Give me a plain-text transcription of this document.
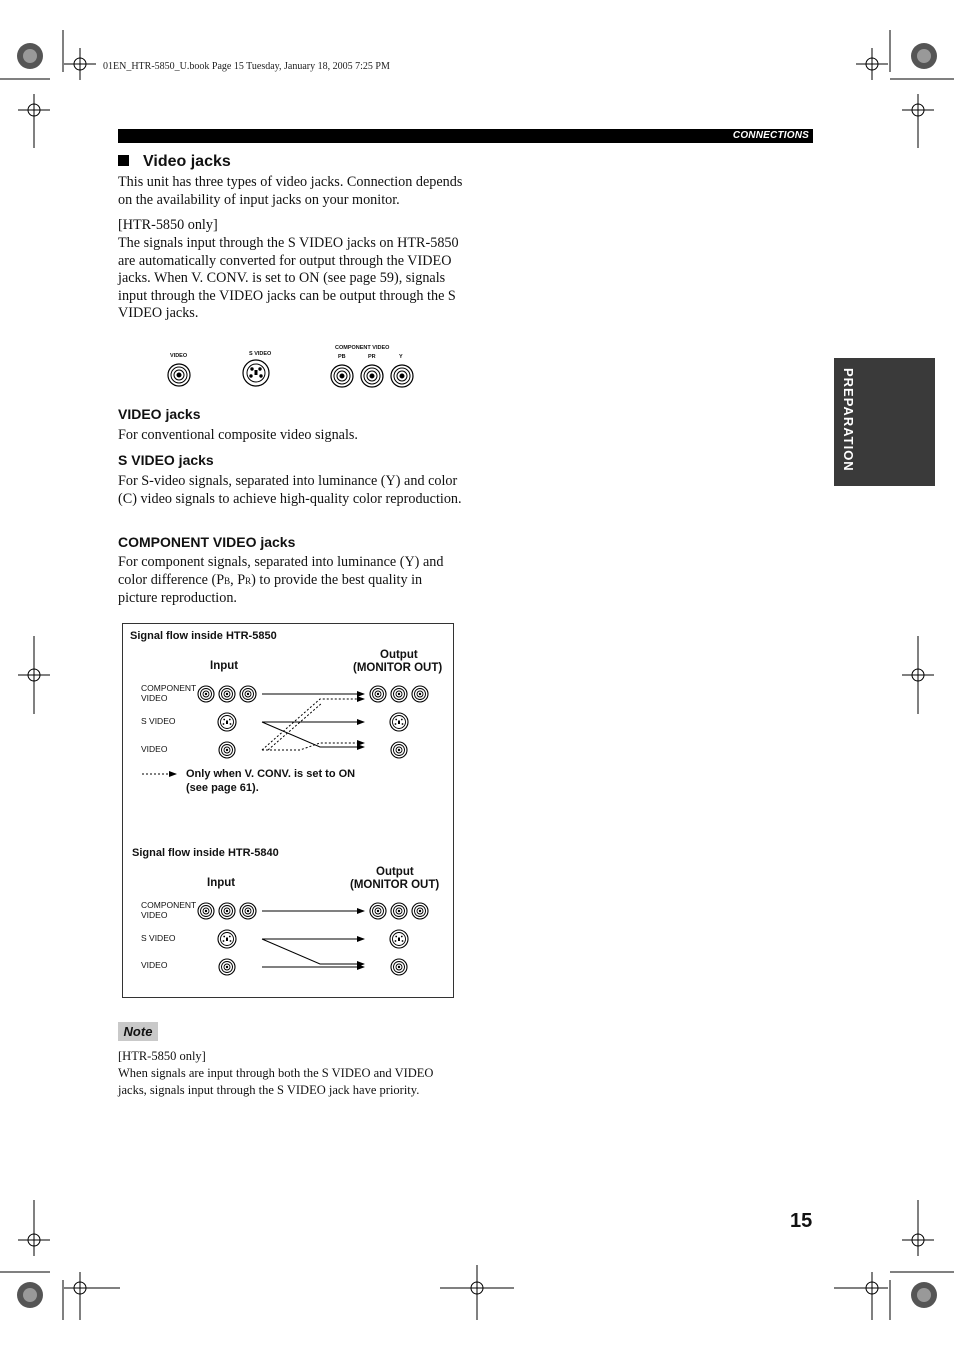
01EN_HTR-5850_U.book Page 15 Tuesday, January 18, 2005 7:25 PM
CONNECTIONS
PREPARATION
Video jacks
This unit has three types of video jacks. Connection depends on the availability of input jacks on your monitor.
[HTR-5850 only]
The signals input through the S VIDEO jacks on HTR-5850 are automatically converted for output through the VIDEO jacks. When V. CONV. is set to ON (see page 59), signals input through the VIDEO jacks can be output through the S VIDEO jacks.
VIDEO	S VIDEO
COMPONENT VIDEO
PB	PR	Y
VIDEO jacks
For conventional composite video signals.
S VIDEO jacks
For S-video signals, separated into luminance (Y) and color (C) video signals to achieve high-quality color reproduction.
COMPONENT VIDEO jacks
For component signals, separated into luminance (Y) and color difference (PB, PR) to provide the best quality in picture reproduction.
Signal flow inside HTR-5850
Input
Output
(MONITOR OUT)
COMPONENT
VIDEO
S VIDEO
VIDEO
Only when V. CONV. is set to ON
(see page 61).
Signal flow inside HTR-5840
Input
Output
(MONITOR OUT)
COMPONENT
VIDEO
S VIDEO
VIDEO
Note
[HTR-5850 only]
When signals are input through both the S VIDEO and VIDEO jacks, signals input through the S VIDEO jack have priority.
15
